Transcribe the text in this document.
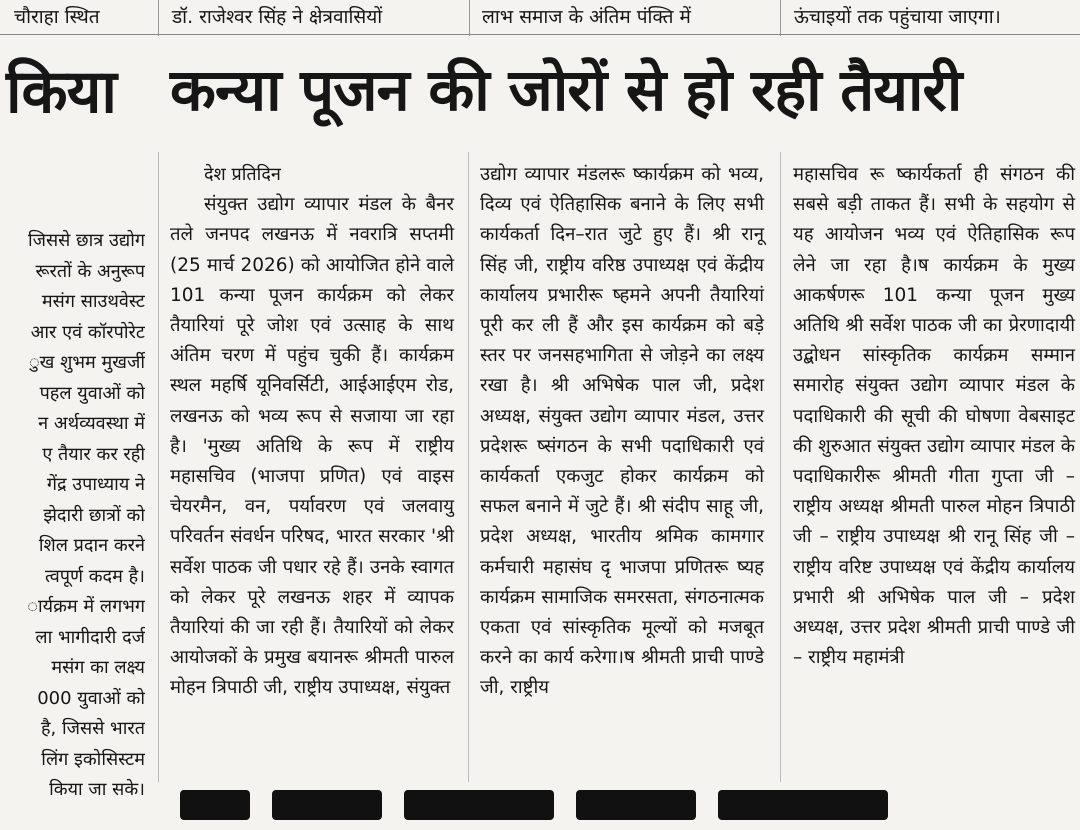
चौराहा स्थित	डॉ. राजेश्वर सिंह ने क्षेत्रवासियों	लाभ समाज के अंतिम पंक्ति में	ऊंचाइयों तक पहुंचाया जाएगा।
किया
जिससे छात्र उद्योग
रूरतों के अनुरूप
मसंग साउथवेस्ट
आर एवं कॉरपोरेट
ुख शुभम मुखर्जी
पहल युवाओं को
न अर्थव्यवस्था में
ए तैयार कर रही
गेंद्र उपाध्याय ने
झेदारी छात्रों को
शिल प्रदान करने
त्वपूर्ण कदम है।
ार्यक्रम में लगभग
ला भागीदारी दर्ज
मसंग का लक्ष्य
000 युवाओं को
है, जिससे भारत
लिंग इकोसिस्टम
किया जा सके।
कन्या पूजन की जोरों से हो रही तैयारी
देश प्रतिदिन

संयुक्त उद्योग व्यापार मंडल के बैनर तले जनपद लखनऊ में नवरात्रि सप्तमी (25 मार्च 2026) को आयोजित होने वाले 101 कन्या पूजन कार्यक्रम को लेकर तैयारियां पूरे जोश एवं उत्साह के साथ अंतिम चरण में पहुंच चुकी हैं। कार्यक्रम स्थल महर्षि यूनिवर्सिटी, आईआईएम रोड, लखनऊ को भव्य रूप से सजाया जा रहा है। 'मुख्य अतिथि के रूप में राष्ट्रीय महासचिव (भाजपा प्रणित) एवं वाइस चेयरमैन, वन, पर्यावरण एवं जलवायु परिवर्तन संवर्धन परिषद, भारत सरकार 'श्री सर्वेश पाठक जी पधार रहे हैं। उनके स्वागत को लेकर पूरे लखनऊ शहर में व्यापक तैयारियां की जा रही हैं। तैयारियों को लेकर आयोजकों के प्रमुख बयानरू श्रीमती पारुल मोहन त्रिपाठी जी, राष्ट्रीय उपाध्यक्ष, संयुक्त

उद्योग व्यापार मंडलरू ष्कार्यक्रम को भव्य, दिव्य एवं ऐतिहासिक बनाने के लिए सभी कार्यकर्ता दिन–रात जुटे हुए हैं। श्री रानू सिंह जी, राष्ट्रीय वरिष्ठ उपाध्यक्ष एवं केंद्रीय कार्यालय प्रभारीरू ष्हमने अपनी तैयारियां पूरी कर ली हैं और इस कार्यक्रम को बड़े स्तर पर जनसहभागिता से जोड़ने का लक्ष्य रखा है। श्री अभिषेक पाल जी, प्रदेश अध्यक्ष, संयुक्त उद्योग व्यापार मंडल, उत्तर प्रदेशरू ष्संगठन के सभी पदाधिकारी एवं कार्यकर्ता एकजुट होकर कार्यक्रम को सफल बनाने में जुटे हैं। श्री संदीप साहू जी, प्रदेश अध्यक्ष, भारतीय श्रमिक कामगार कर्मचारी महासंघ दृ भाजपा प्रणितरू ष्यह कार्यक्रम सामाजिक समरसता, संगठनात्मक एकता एवं सांस्कृतिक मूल्यों को मजबूत करने का कार्य करेगा।ष श्रीमती प्राची पाण्डे जी, राष्ट्रीय

महासचिव रू ष्कार्यकर्ता ही संगठन की सबसे बड़ी ताकत हैं। सभी के सहयोग से यह आयोजन भव्य एवं ऐतिहासिक रूप लेने जा रहा है।ष कार्यक्रम के मुख्य आकर्षणरू 101 कन्या पूजन मुख्य अतिथि श्री सर्वेश पाठक जी का प्रेरणादायी उद्बोधन सांस्कृतिक कार्यक्रम सम्मान समारोह संयुक्त उद्योग व्यापार मंडल के पदाधिकारी की सूची की घोषणा वेबसाइट की शुरुआत संयुक्त उद्योग व्यापार मंडल के पदाधिकारीरू श्रीमती गीता गुप्ता जी – राष्ट्रीय अध्यक्ष श्रीमती पारुल मोहन त्रिपाठी जी – राष्ट्रीय उपाध्यक्ष श्री रानू सिंह जी – राष्ट्रीय वरिष्ट उपाध्यक्ष एवं केंद्रीय कार्यालय प्रभारी श्री अभिषेक पाल जी – प्रदेश अध्यक्ष, उत्तर प्रदेश श्रीमती प्राची पाण्डे जी – राष्ट्रीय महामंत्री
